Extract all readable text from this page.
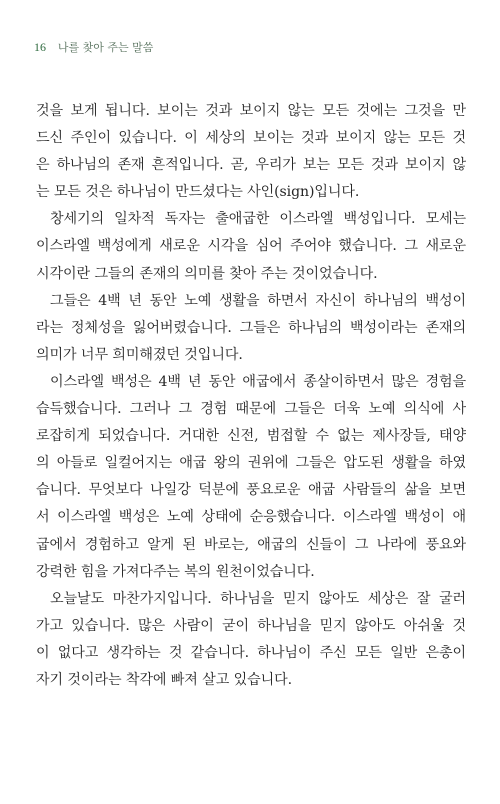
16 나를 찾아 주는 말씀
것을 보게 됩니다. 보이는 것과 보이지 않는 모든 것에는 그것을 만
드신 주인이 있습니다. 이 세상의 보이는 것과 보이지 않는 모든 것
은 하나님의 존재 흔적입니다. 곧, 우리가 보는 모든 것과 보이지 않
는 모든 것은 하나님이 만드셨다는 사인(sign)입니다.
창세기의 일차적 독자는 출애굽한 이스라엘 백성입니다. 모세는
이스라엘 백성에게 새로운 시각을 심어 주어야 했습니다. 그 새로운
시각이란 그들의 존재의 의미를 찾아 주는 것이었습니다.
그들은 4백 년 동안 노예 생활을 하면서 자신이 하나님의 백성이
라는 정체성을 잃어버렸습니다. 그들은 하나님의 백성이라는 존재의
의미가 너무 희미해졌던 것입니다.
이스라엘 백성은 4백 년 동안 애굽에서 종살이하면서 많은 경험을
습득했습니다. 그러나 그 경험 때문에 그들은 더욱 노예 의식에 사
로잡히게 되었습니다. 거대한 신전, 범접할 수 없는 제사장들, 태양
의 아들로 일컬어지는 애굽 왕의 권위에 그들은 압도된 생활을 하였
습니다. 무엇보다 나일강 덕분에 풍요로운 애굽 사람들의 삶을 보면
서 이스라엘 백성은 노예 상태에 순응했습니다. 이스라엘 백성이 애
굽에서 경험하고 알게 된 바로는, 애굽의 신들이 그 나라에 풍요와
강력한 힘을 가져다주는 복의 원천이었습니다.
오늘날도 마찬가지입니다. 하나님을 믿지 않아도 세상은 잘 굴러
가고 있습니다. 많은 사람이 굳이 하나님을 믿지 않아도 아쉬울 것
이 없다고 생각하는 것 같습니다. 하나님이 주신 모든 일반 은총이
자기 것이라는 착각에 빠져 살고 있습니다.
